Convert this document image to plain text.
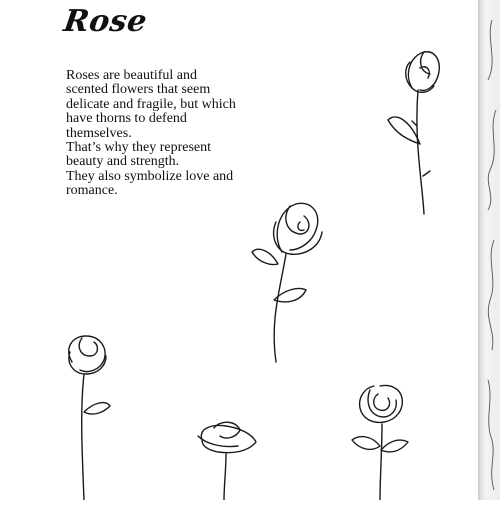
Rose

Roses are beautiful and scented flowers that seem delicate and fragile, but which have thorns to defend themselves.

That’s why they represent beauty and strength.

They also symbolize love and romance.
